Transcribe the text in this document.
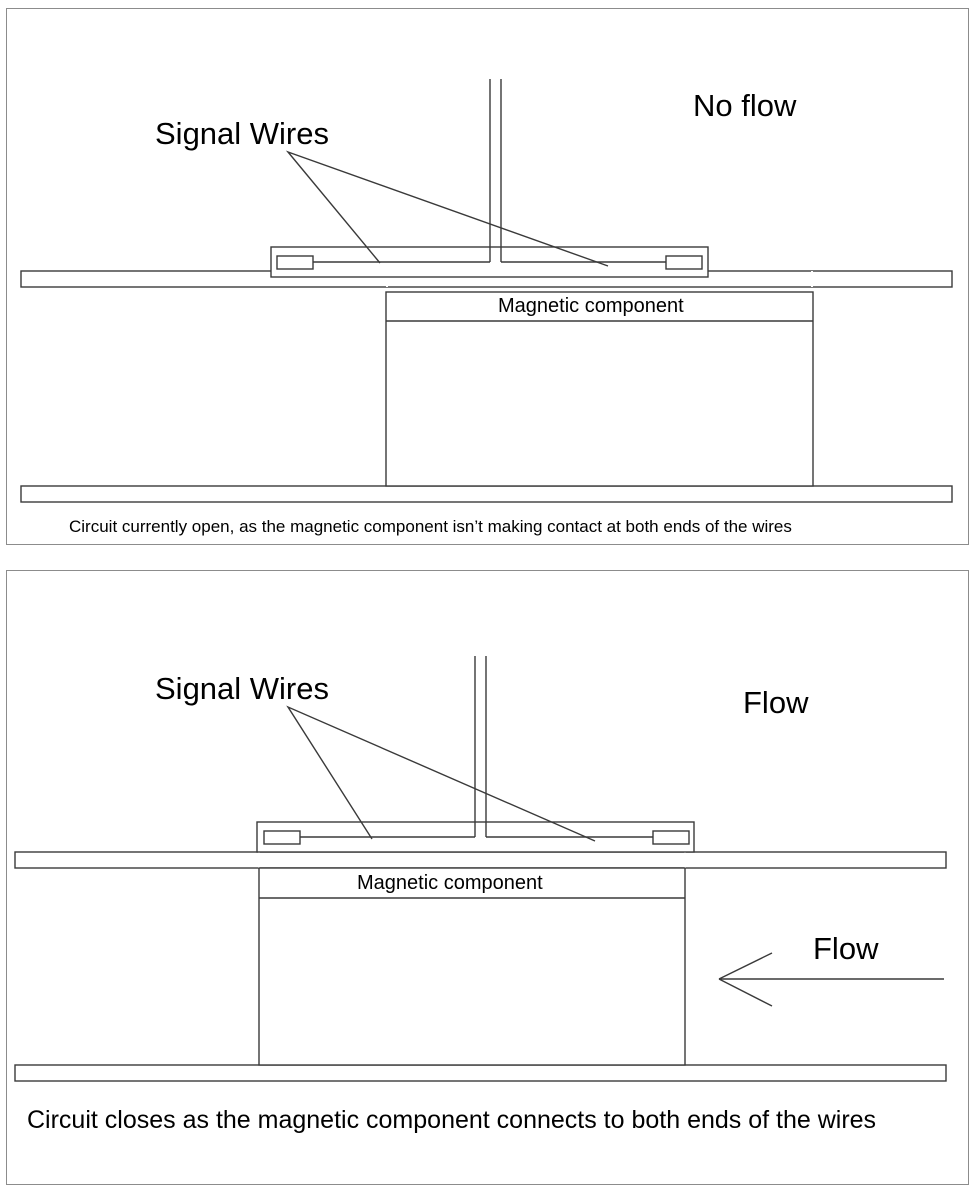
Signal Wires
No flow
Magnetic component
Circuit currently open, as the magnetic component isn’t making contact at both ends of the wires
Signal Wires	Flow
Magnetic component
Flow
Circuit closes as the magnetic component connects to both ends of the wires
